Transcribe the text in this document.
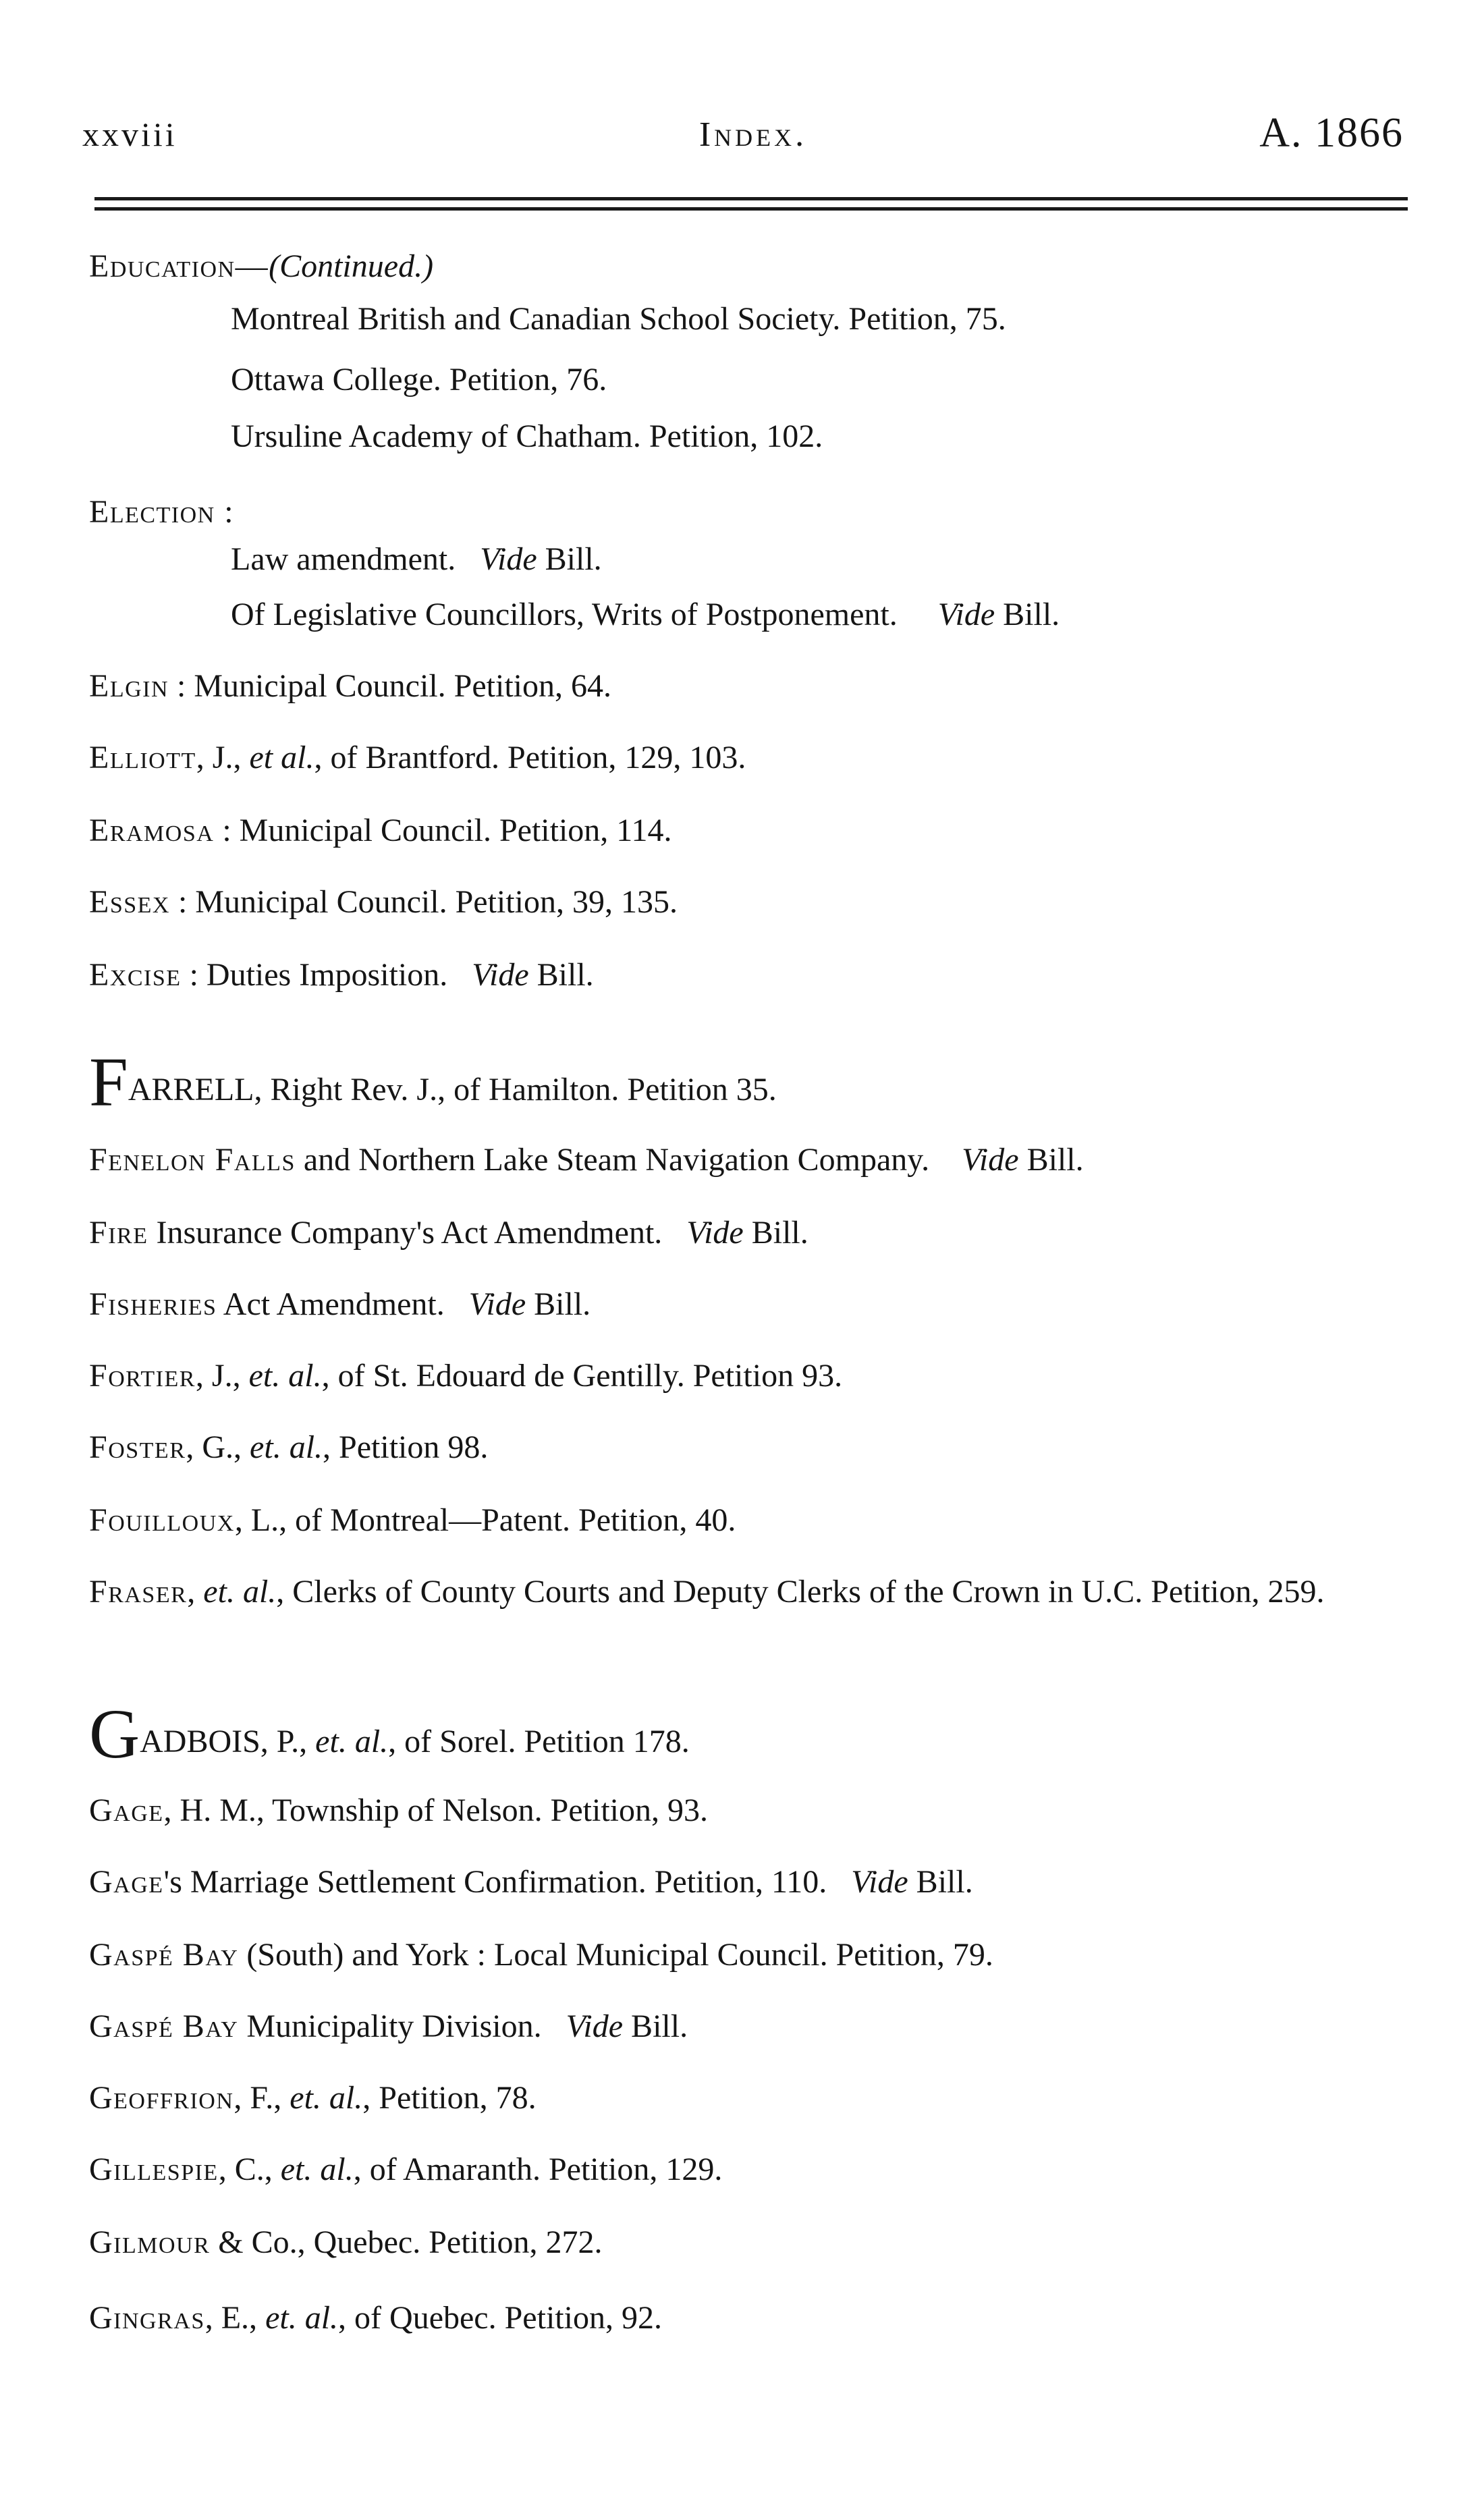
xxviii	Index.	A. 1866
Education—(Continued.)
Montreal British and Canadian School Society. Petition, 75.
Ottawa College. Petition, 76.
Ursuline Academy of Chatham. Petition, 102.
Election :
Law amendment. Vide Bill.
Of Legislative Councillors, Writs of Postponement. Vide Bill.
Elgin : Municipal Council. Petition, 64.
Elliott, J., et al., of Brantford. Petition, 129, 103.
Eramosa : Municipal Council. Petition, 114.
Essex : Municipal Council. Petition, 39, 135.
Excise : Duties Imposition. Vide Bill.
FARRELL, Right Rev. J., of Hamilton. Petition 35.
Fenelon Falls and Northern Lake Steam Navigation Company. Vide Bill.
Fire Insurance Company's Act Amendment. Vide Bill.
Fisheries Act Amendment. Vide Bill.
Fortier, J., et. al., of St. Edouard de Gentilly. Petition 93.
Foster, G., et. al., Petition 98.
Fouilloux, L., of Montreal—Patent. Petition, 40.
Fraser, et. al., Clerks of County Courts and Deputy Clerks of the Crown in U.C. Petition, 259.
GADBOIS, P., et. al., of Sorel. Petition 178.
Gage, H. M., Township of Nelson. Petition, 93.
Gage's Marriage Settlement Confirmation. Petition, 110. Vide Bill.
Gaspé Bay (South) and York : Local Municipal Council. Petition, 79.
Gaspé Bay Municipality Division. Vide Bill.
Geoffrion, F., et. al., Petition, 78.
Gillespie, C., et. al., of Amaranth. Petition, 129.
Gilmour & Co., Quebec. Petition, 272.
Gingras, E., et. al., of Quebec. Petition, 92.
